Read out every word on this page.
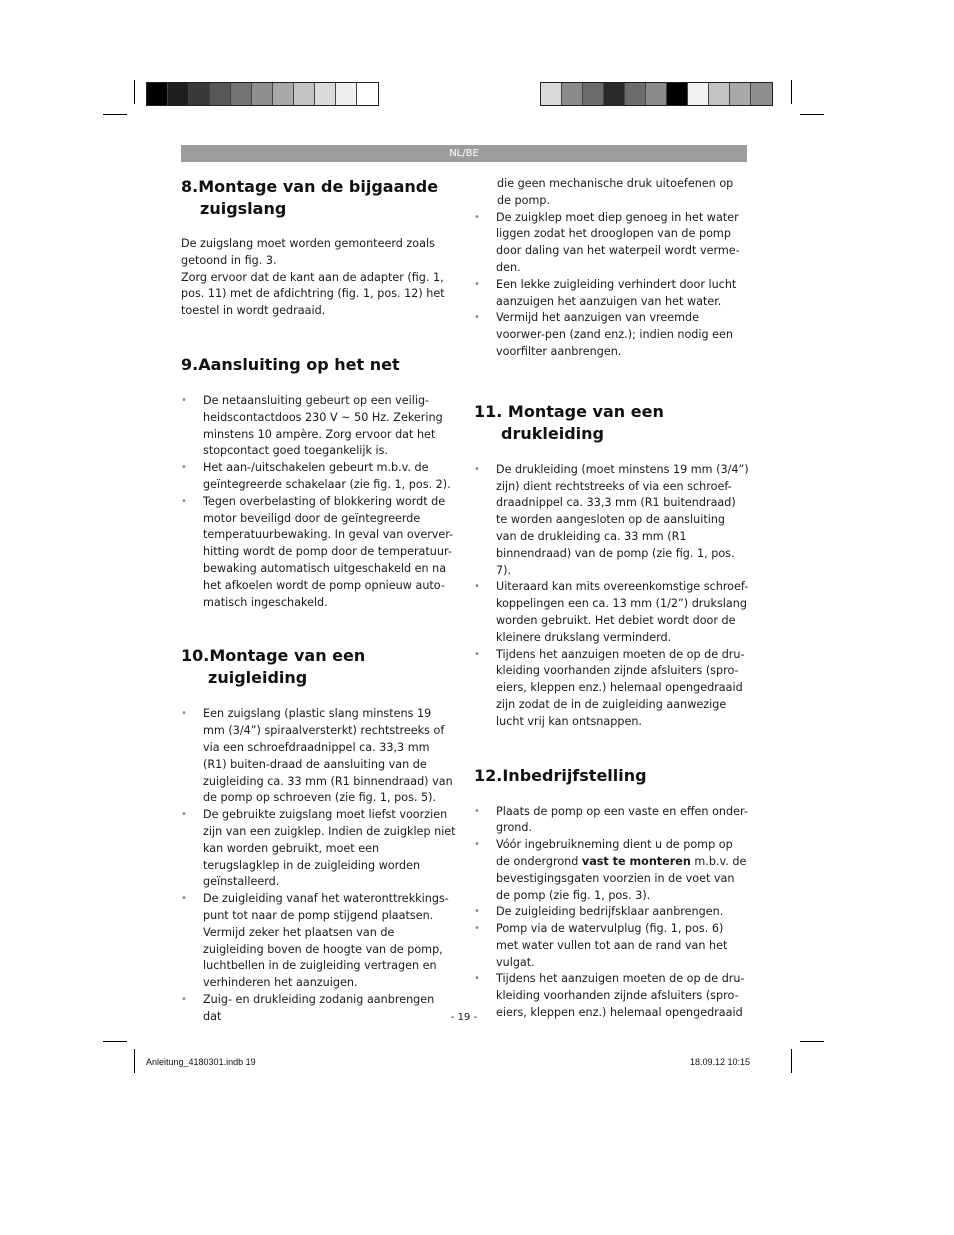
NL/BE
8.Montage van de bijgaande
zuigslang

De zuigslang moet worden gemonteerd zoals getoond in fig. 3.

Zorg ervoor dat de kant aan de adapter (fig. 1, pos. 11) met de afdichtring (fig. 1, pos. 12) het toestel in wordt gedraaid.

9.Aansluiting op het net
• De netaansluiting gebeurt op een veilig-heidscontactdoos 230 V ~ 50 Hz. Zekering minstens 10 ampère. Zorg ervoor dat het stopcontact goed toegankelijk is.
• Het aan-/uitschakelen gebeurt m.b.v. de geïntegreerde schakelaar (zie fig. 1, pos. 2).
• Tegen overbelasting of blokkering wordt de motor beveiligd door de geïntegreerde temperatuurbewaking. In geval van overver-hitting wordt de pomp door de temperatuur-bewaking automatisch uitgeschakeld en na het afkoelen wordt de pomp opnieuw auto-matisch ingeschakeld.
10.Montage van een
zuigleiding
• Een zuigslang (plastic slang minstens 19 mm (3/4”) spiraalversterkt) rechtstreeks of via een schroefdraadnippel ca. 33,3 mm (R1) buiten-draad de aansluiting van de zuigleiding ca. 33 mm (R1 binnendraad) van de pomp op schroeven (zie fig. 1, pos. 5).
• De gebruikte zuigslang moet liefst voorzien zijn van een zuigklep. Indien de zuigklep niet kan worden gebruikt, moet een terugslagklep in de zuigleiding worden geïnstalleerd.
• De zuigleiding vanaf het wateronttrekkings-punt tot naar de pomp stijgend plaatsen. Vermijd zeker het plaatsen van de zuigleiding boven de hoogte van de pomp, luchtbellen in de zuigleiding vertragen en verhinderen het aanzuigen.
• Zuig- en drukleiding zodanig aanbrengen dat

die geen mechanische druk uitoefenen op de pomp.

• De zuigklep moet diep genoeg in het water liggen zodat het drooglopen van de pomp door daling van het waterpeil wordt verme-den.
• Een lekke zuigleiding verhindert door lucht aanzuigen het aanzuigen van het water.
• Vermijd het aanzuigen van vreemde voorwer-pen (zand enz.); indien nodig een voorfilter aanbrengen.
11. Montage van een
drukleiding
• De drukleiding (moet minstens 19 mm (3/4”) zijn) dient rechtstreeks of via een schroef-draadnippel ca. 33,3 mm (R1 buitendraad) te worden aangesloten op de aansluiting van de drukleiding ca. 33 mm (R1 binnendraad) van de pomp (zie fig. 1, pos. 7).
• Uiteraard kan mits overeenkomstige schroef-koppelingen een ca. 13 mm (1/2”) drukslang worden gebruikt. Het debiet wordt door de kleinere drukslang verminderd.
• Tijdens het aanzuigen moeten de op de dru-kleiding voorhanden zijnde afsluiters (spro-eiers, kleppen enz.) helemaal opengedraaid zijn zodat de in de zuigleiding aanwezige lucht vrij kan ontsnappen.
12.Inbedrijfstelling
• Plaats de pomp op een vaste en effen onder-grond.
• Vóór ingebruikneming dient u de pomp op de ondergrond vast te monteren m.b.v. de bevestigingsgaten voorzien in de voet van de pomp (zie fig. 1, pos. 3).
• De zuigleiding bedrijfsklaar aanbrengen.
• Pomp via de watervulplug (fig. 1, pos. 6) met water vullen tot aan de rand van het vulgat.
• Tijdens het aanzuigen moeten de op de dru-kleiding voorhanden zijnde afsluiters (spro-eiers, kleppen enz.) helemaal opengedraaid
- 19 -
Anleitung_4180301.indb 19	18.09.12 10:15
